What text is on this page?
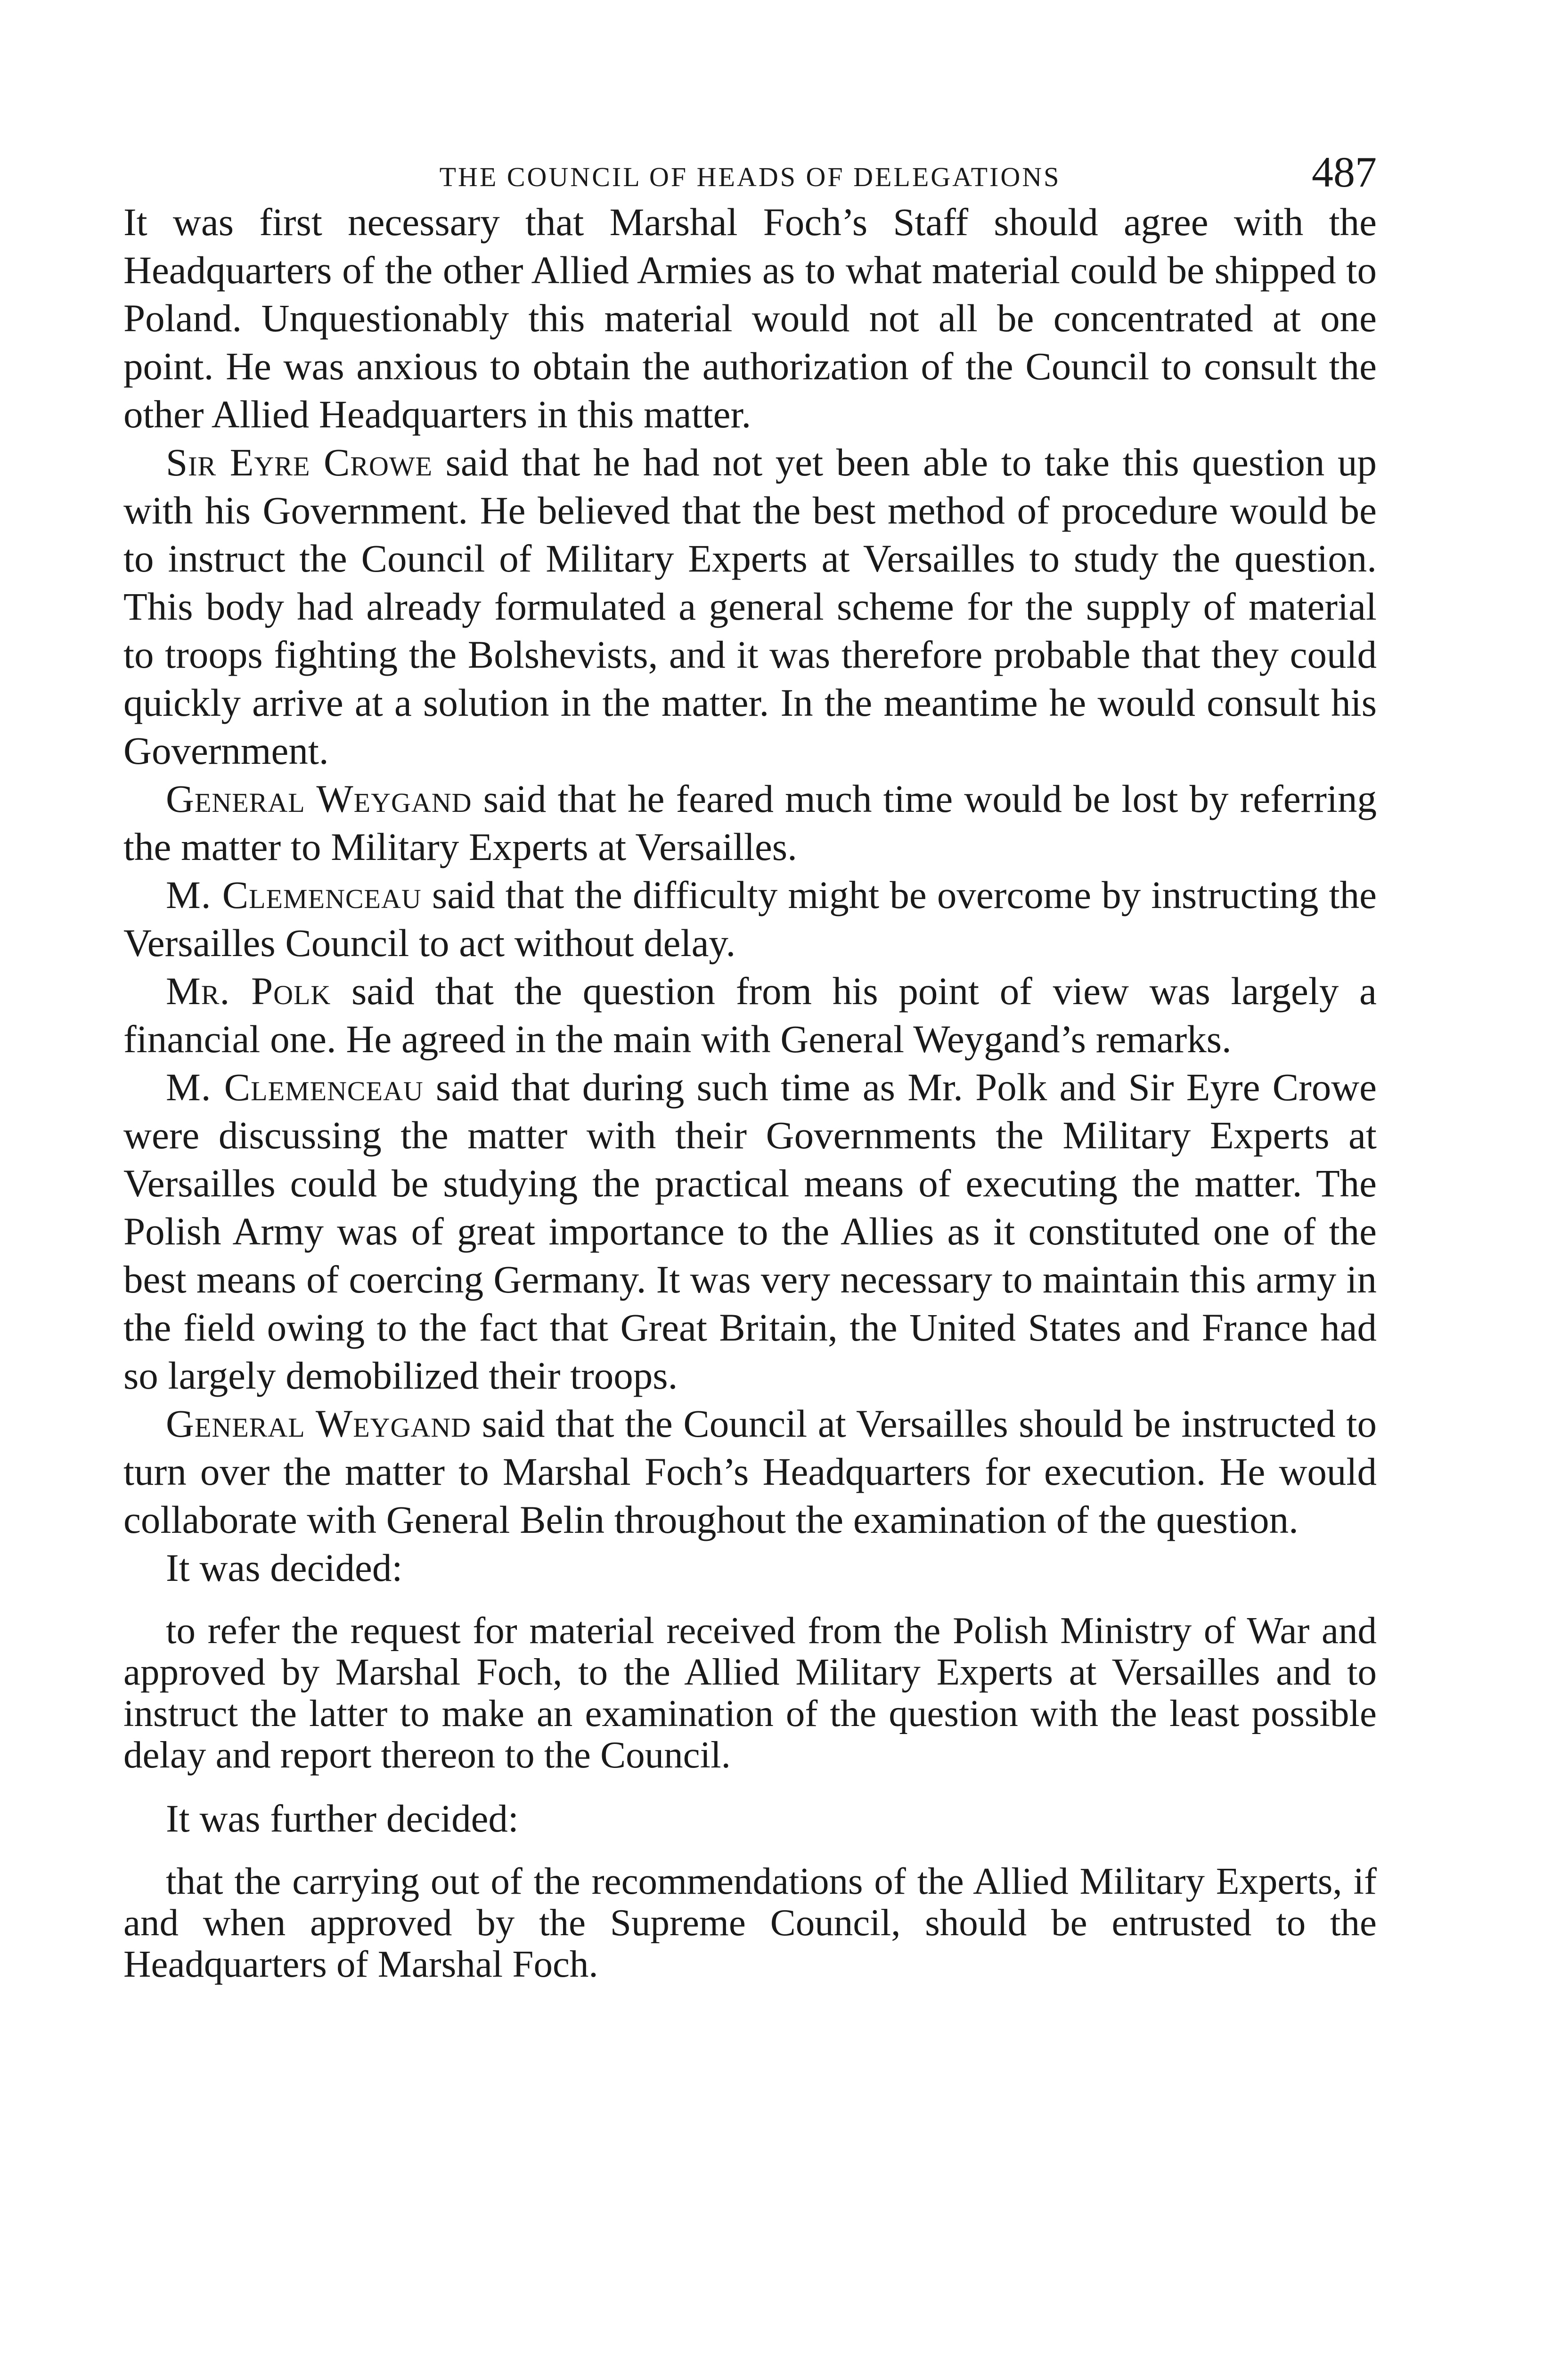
THE COUNCIL OF HEADS OF DELEGATIONS	487

It was first necessary that Marshal Foch’s Staff should agree with the Headquarters of the other Allied Armies as to what material could be shipped to Poland. Unquestionably this material would not all be concentrated at one point. He was anxious to obtain the authorization of the Council to consult the other Allied Headquarters in this matter.

Sir Eyre Crowe said that he had not yet been able to take this question up with his Government. He believed that the best method of procedure would be to instruct the Council of Military Experts at Versailles to study the question. This body had already formulated a general scheme for the supply of material to troops fighting the Bolshevists, and it was therefore probable that they could quickly arrive at a solution in the matter. In the meantime he would consult his Government.

General Weygand said that he feared much time would be lost by referring the matter to Military Experts at Versailles.

M. Clemenceau said that the difficulty might be overcome by instructing the Versailles Council to act without delay.

Mr. Polk said that the question from his point of view was largely a financial one. He agreed in the main with General Weygand’s remarks.

M. Clemenceau said that during such time as Mr. Polk and Sir Eyre Crowe were discussing the matter with their Governments the Military Experts at Versailles could be studying the practical means of executing the matter. The Polish Army was of great importance to the Allies as it constituted one of the best means of coercing Germany. It was very necessary to maintain this army in the field owing to the fact that Great Britain, the United States and France had so largely demobilized their troops.

General Weygand said that the Council at Versailles should be instructed to turn over the matter to Marshal Foch’s Headquarters for execution. He would collaborate with General Belin throughout the examination of the question.

It was decided:

to refer the request for material received from the Polish Ministry of War and approved by Marshal Foch, to the Allied Military Experts at Versailles and to instruct the latter to make an examination of the question with the least possible delay and report thereon to the Council.

It was further decided:

that the carrying out of the recommendations of the Allied Military Experts, if and when approved by the Supreme Council, should be entrusted to the Headquarters of Marshal Foch.
